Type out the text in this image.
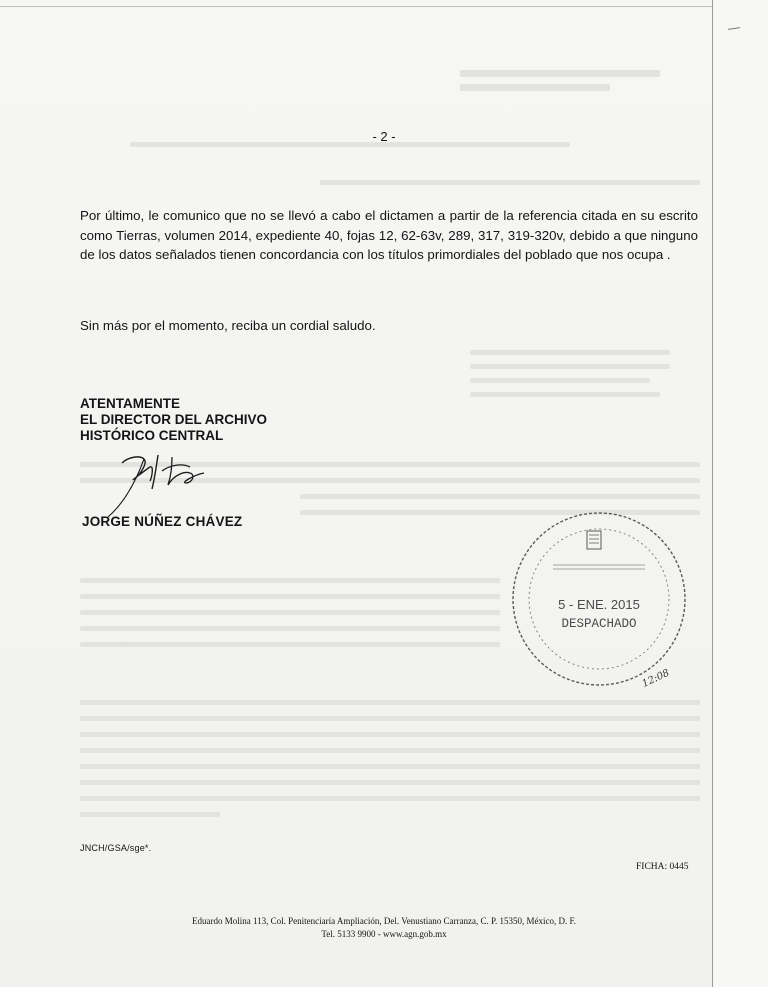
- 2 -
Por último, le comunico que no se llevó a cabo el dictamen a partir de la referencia citada en su escrito como Tierras, volumen 2014, expediente 40, fojas 12, 62-63v, 289, 317, 319-320v, debido a que ninguno de los datos señalados tienen concordancia con los títulos primordiales del poblado que nos ocupa .
Sin más por el momento, reciba un cordial saludo.
ATENTAMENTE
EL DIRECTOR DEL ARCHIVO
HISTÓRICO CENTRAL
JORGE NÚÑEZ CHÁVEZ
5 - ENE. 2015
DESPACHADO
12:08
JNCH/GSA/sge*.
FICHA: 0445
Eduardo Molina 113, Col. Penitenciaría Ampliación, Del. Venustiano Carranza, C. P. 15350, México, D. F.
Tel. 5133 9900 - www.agn.gob.mx
